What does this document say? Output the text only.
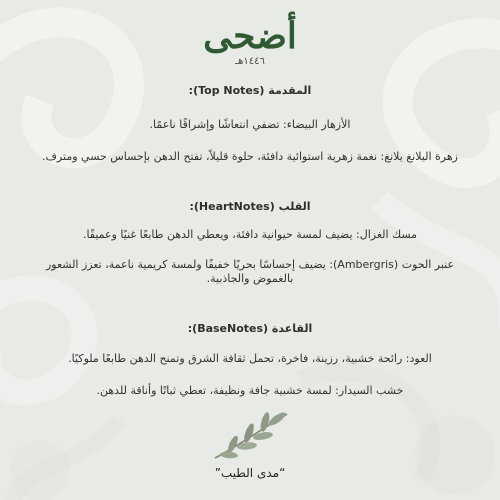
أضحى
١٤٤٦هـ
المقدمة (Top Notes):
الأزهار البيضاء: تضفي انتعاشًا وإشراقًا ناعمًا.
زهرة اليلانغ يلانغ: نغمة زهرية استوائية دافئة، حلوة قليلاً، تفتح الدهن بإحساس حسي ومترف.
القلب (HeartNotes):
مسك الغزال: يضيف لمسة حيوانية دافئة، ويعطي الدهن طابعًا غنيًا وعميقًا.
عنبر الحوت (Ambergris): يضيف إحساسًا بحريًا خفيفًا ولمسة كريمية ناعمة، تعزز الشعور بالغموض والجاذبية.
القاعدة (BaseNotes):
العود: رائحة خشبية، رزينة، فاخرة، تحمل ثقافة الشرق وتمنح الدهن طابعًا ملوكيًا.
خشب السيدار: لمسة خشبية جافة ونظيفة، تعطي ثباتًا وأناقة للدهن.
“مدى الطيب”
